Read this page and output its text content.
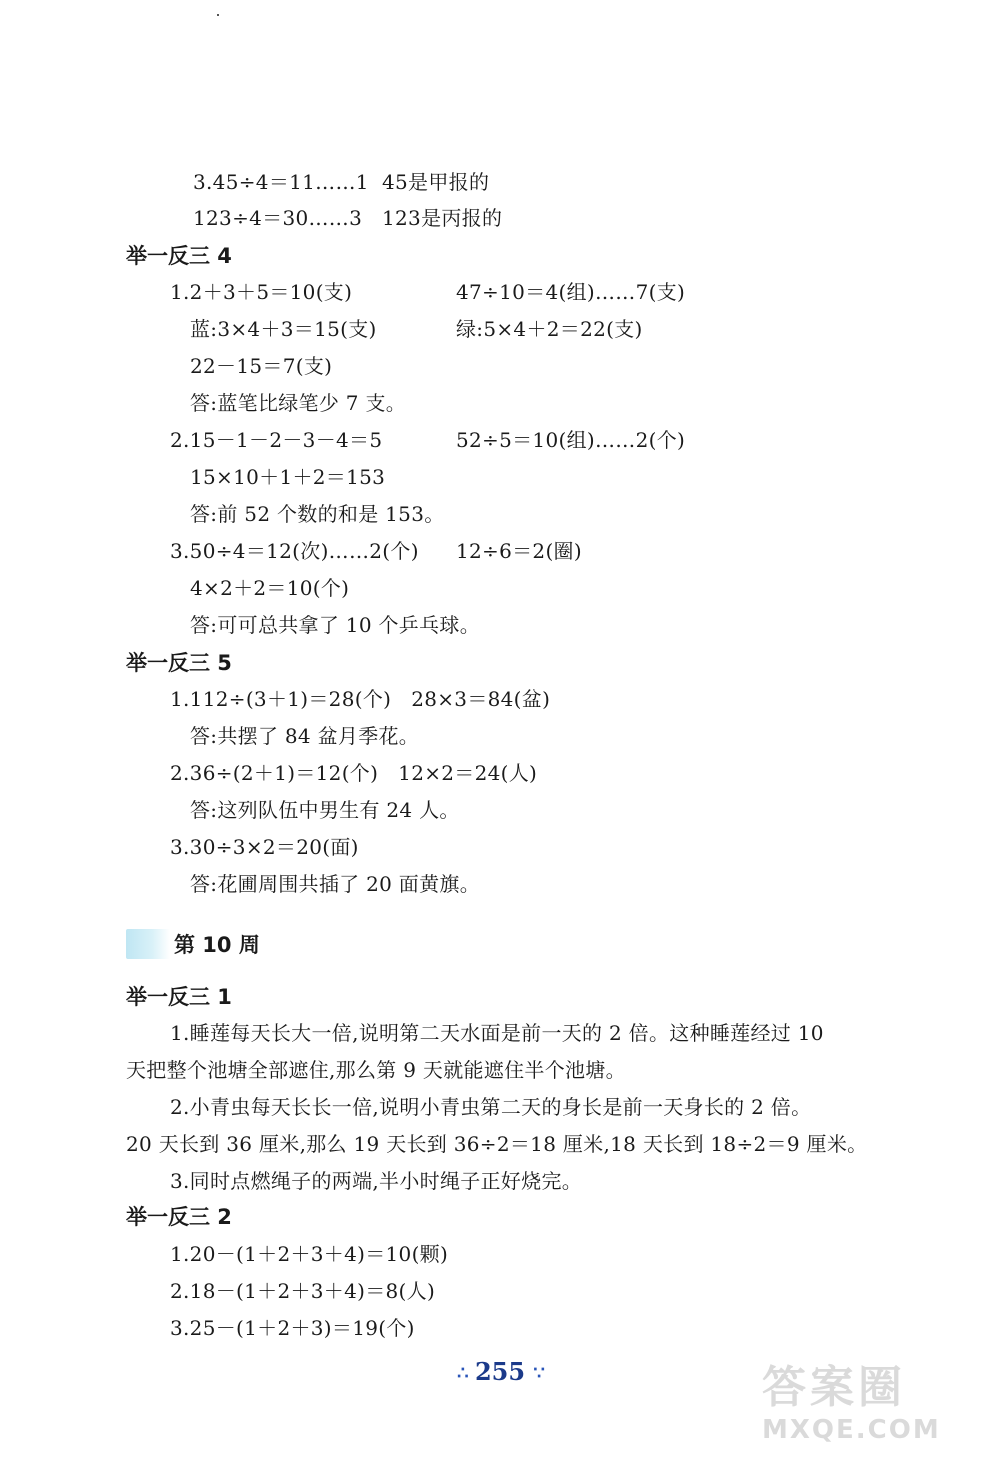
3.45÷4＝11……1 45是甲报的
123÷4＝30……3 123是丙报的
举一反三 4
1.2＋3＋5＝10(支)	47÷10＝4(组)……7(支)
蓝:3×4＋3＝15(支)	绿:5×4＋2＝22(支)
22－15＝7(支)
答:蓝笔比绿笔少 7 支。
2.15－1－2－3－4＝5	52÷5＝10(组)……2(个)
15×10＋1＋2＝153
答:前 52 个数的和是 153。
3.50÷4＝12(次)……2(个) 12÷6＝2(圈)
4×2＋2＝10(个)
答:可可总共拿了 10 个乒乓球。
举一反三 5
1.112÷(3＋1)＝28(个)   28×3＝84(盆)
答:共摆了 84 盆月季花。
2.36÷(2＋1)＝12(个)   12×2＝24(人)
答:这列队伍中男生有 24 人。
3.30÷3×2＝20(面)
答:花圃周围共插了 20 面黄旗。
第 10 周
举一反三 1
1.睡莲每天长大一倍,说明第二天水面是前一天的 2 倍。这种睡莲经过 10
天把整个池塘全部遮住,那么第 9 天就能遮住半个池塘。
2.小青虫每天长长一倍,说明小青虫第二天的身长是前一天身长的 2 倍。
20 天长到 36 厘米,那么 19 天长到 36÷2＝18 厘米,18 天长到 18÷2＝9 厘米。
3.同时点燃绳子的两端,半小时绳子正好烧完。
举一反三 2
1.20－(1＋2＋3＋4)＝10(颗)
2.18－(1＋2＋3＋4)＝8(人)
3.25－(1＋2＋3)＝19(个)
∴ 255 ∵	答案圈
MXQE.COM
